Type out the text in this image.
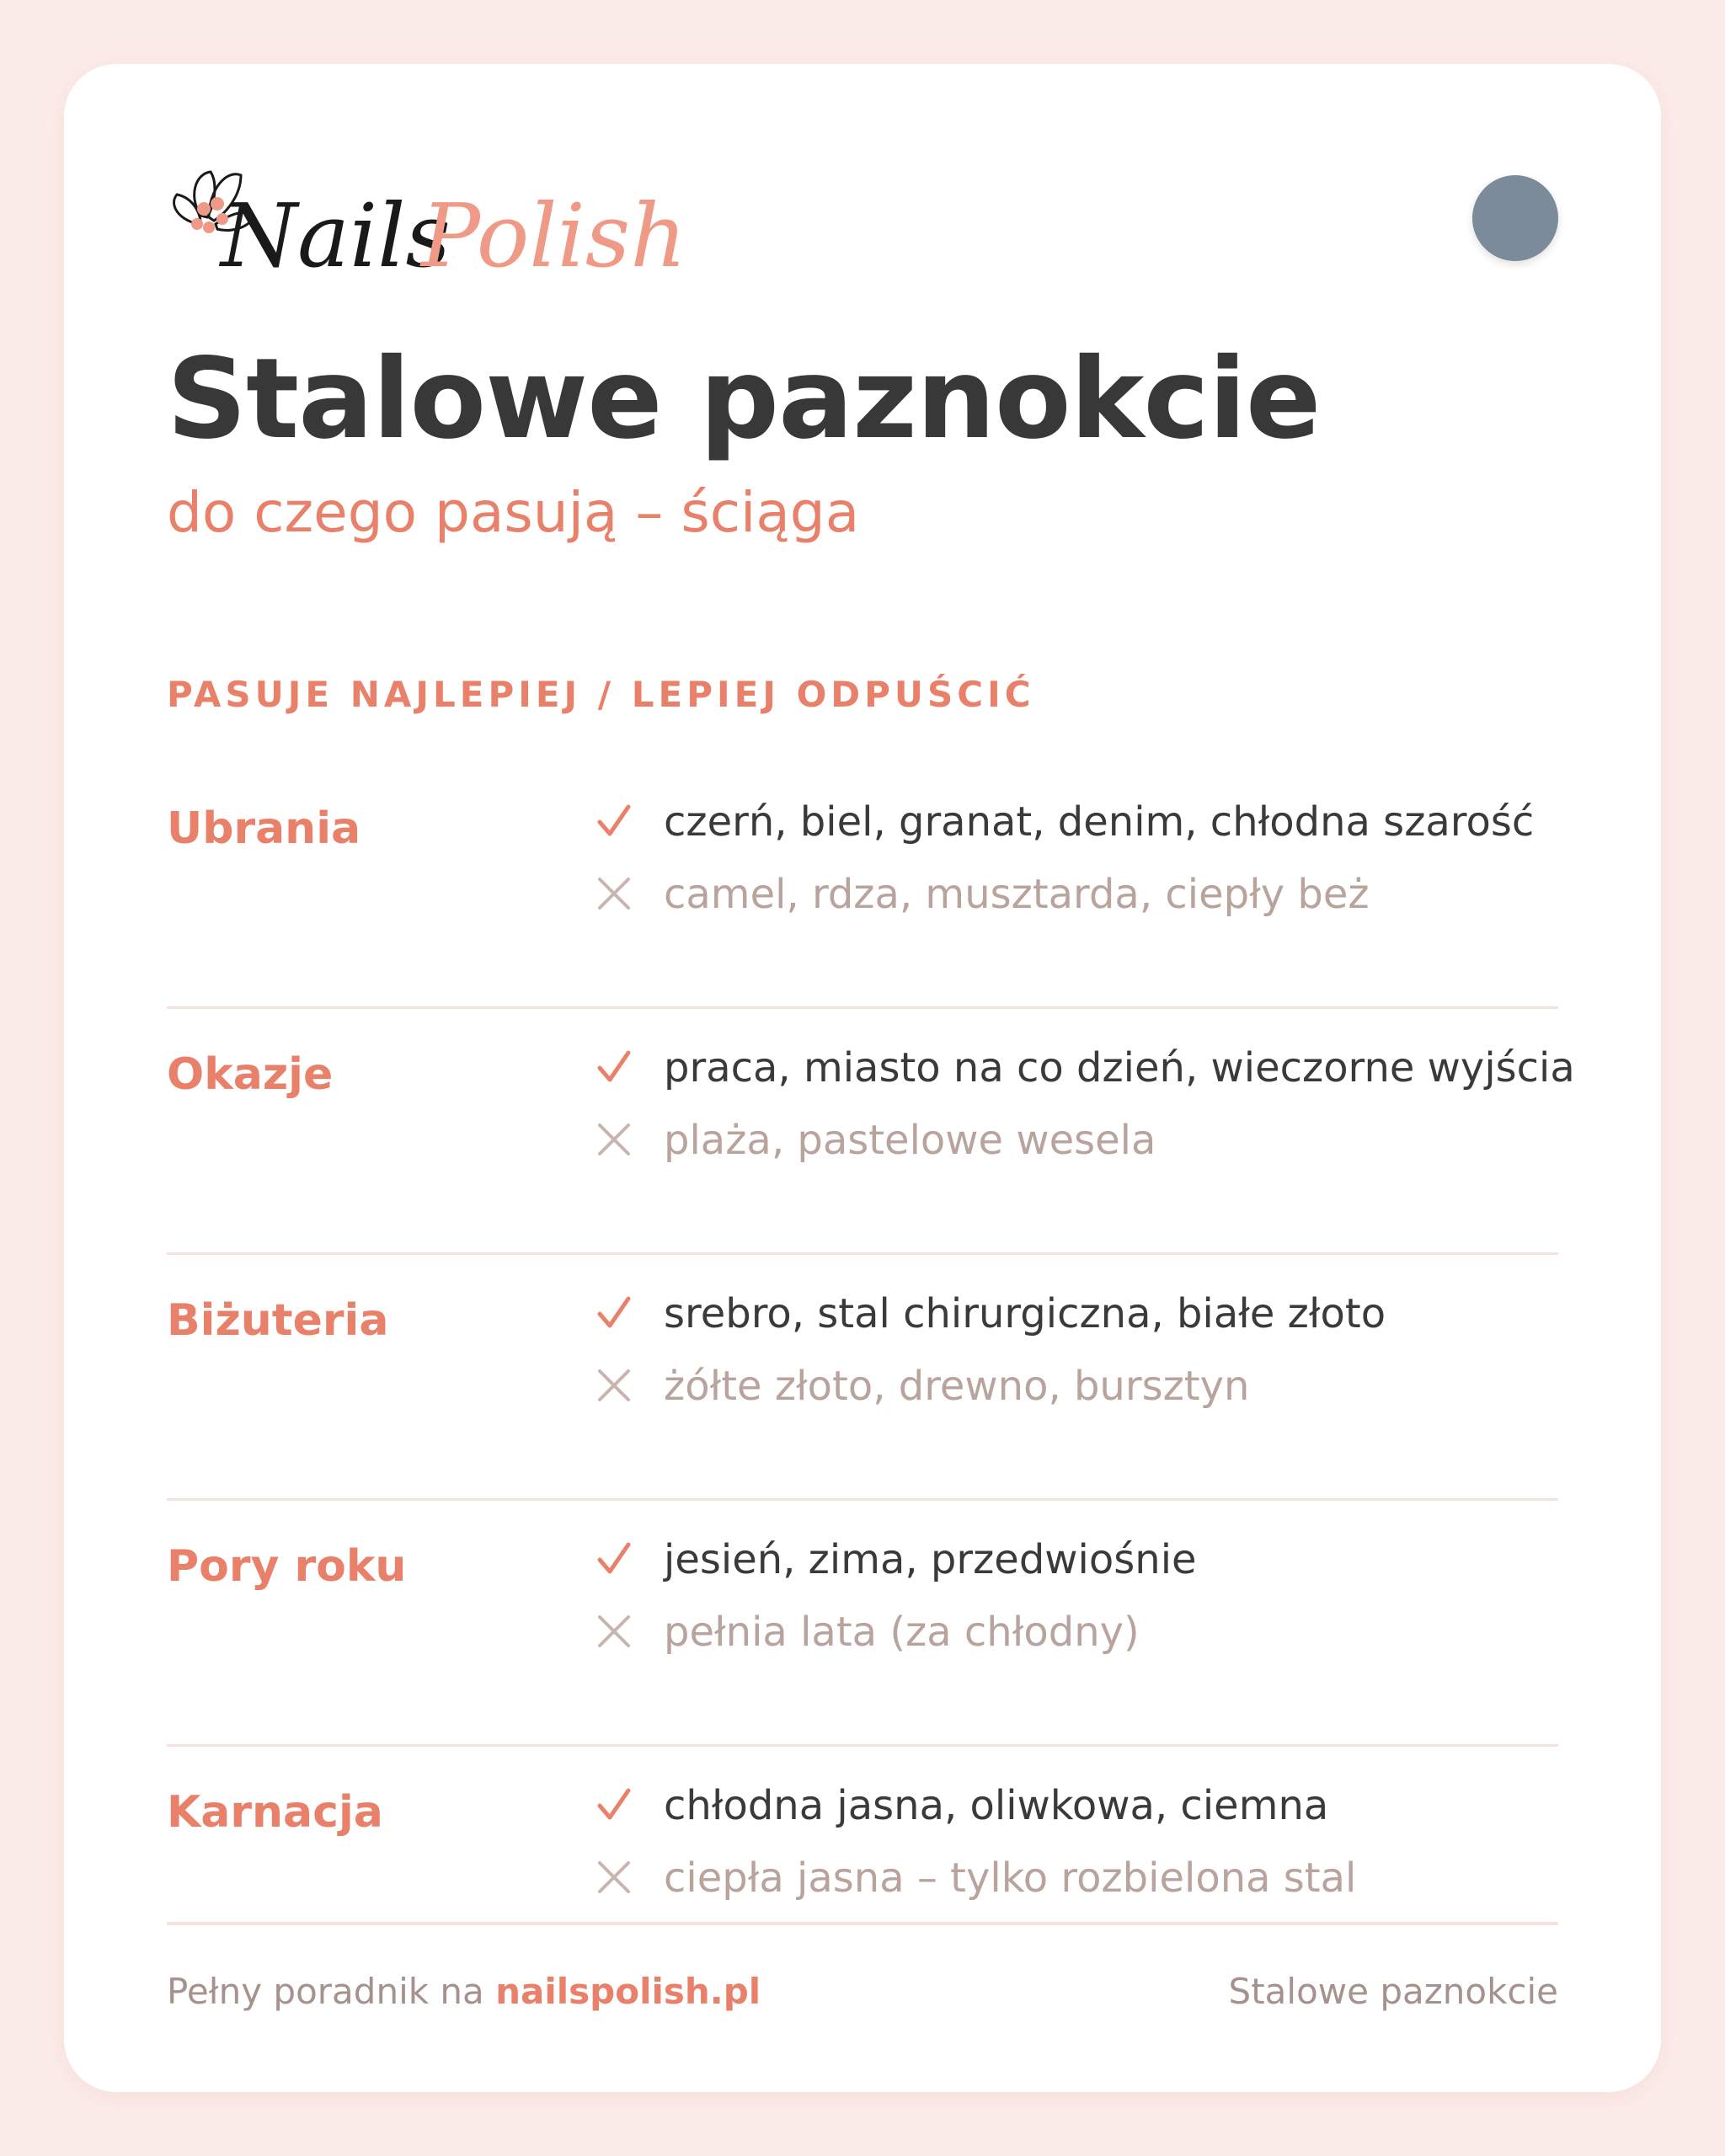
Nails
Polish
Stalowe paznokcie
do czego pasują – ściąga
PASUJE NAJLEPIEJ / LEPIEJ ODPUŚCIĆ
Ubrania	czerń, biel, granat, denim, chłodna szarość
camel, rdza, musztarda, ciepły beż
Okazje	praca, miasto na co dzień, wieczorne wyjścia
plaża, pastelowe wesela
Biżuteria	srebro, stal chirurgiczna, białe złoto
żółte złoto, drewno, bursztyn
Pory roku	jesień, zima, przedwiośnie
pełnia lata (za chłodny)
Karnacja	chłodna jasna, oliwkowa, ciemna
ciepła jasna – tylko rozbielona stal
Pełny poradnik na nailspolish.pl	Stalowe paznokcie
